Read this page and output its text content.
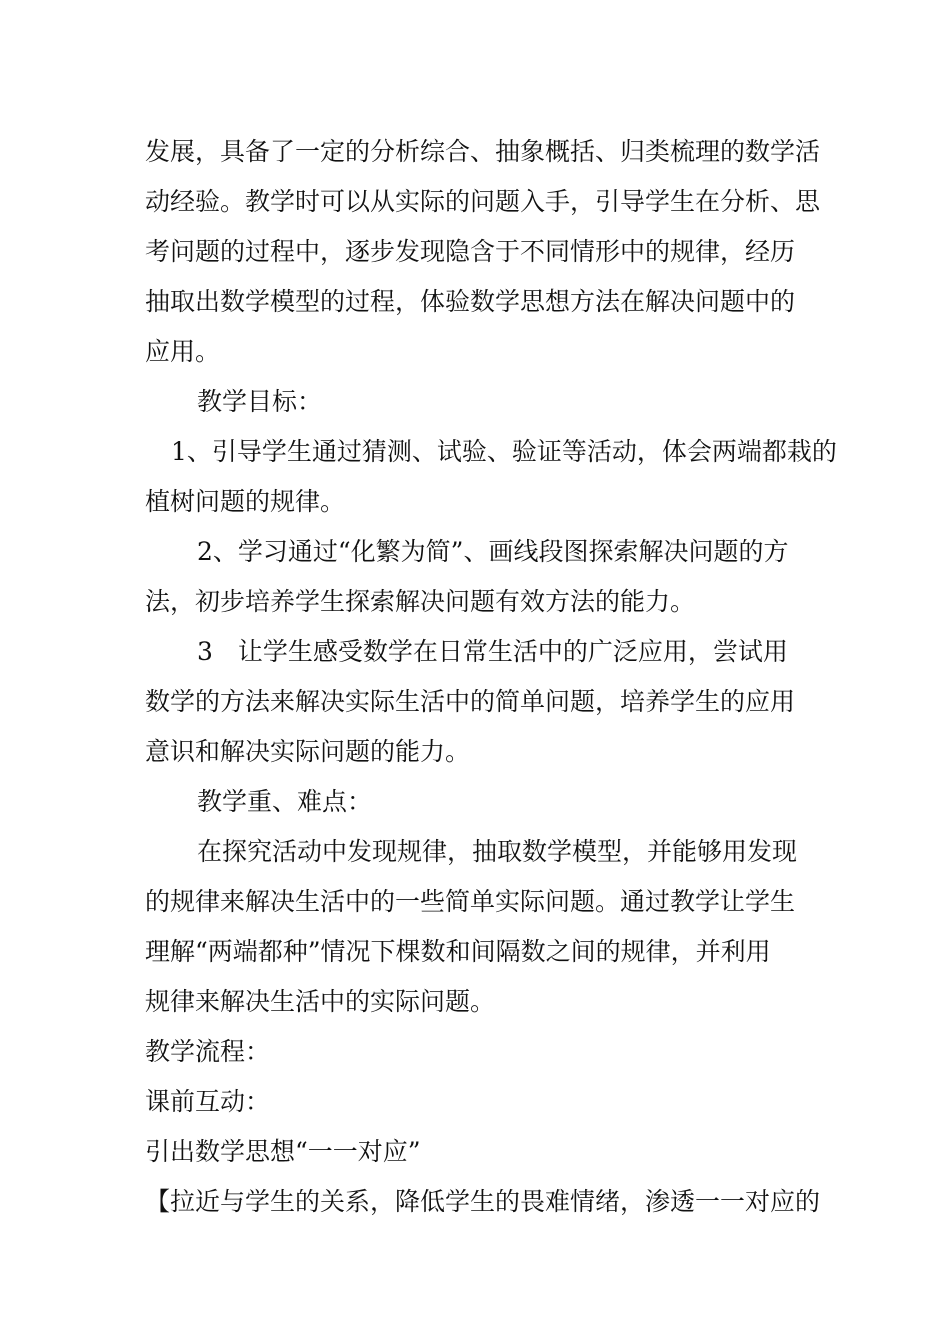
发展，具备了一定的分析综合、抽象概括、归类梳理的数学活
动经验。教学时可以从实际的问题入手，引导学生在分析、思
考问题的过程中，逐步发现隐含于不同情形中的规律，经历
抽取出数学模型的过程，体验数学思想方法在解决问题中的
应用。
教学目标：
1、引导学生通过猜测、试验、验证等活动，体会两端都栽的
植树问题的规律。
2、学习通过“化繁为简”、画线段图探索解决问题的方
法，初步培养学生探索解决问题有效方法的能力。
3　让学生感受数学在日常生活中的广泛应用，尝试用
数学的方法来解决实际生活中的简单问题，培养学生的应用
意识和解决实际问题的能力。
教学重、难点：
在探究活动中发现规律，抽取数学模型，并能够用发现
的规律来解决生活中的一些简单实际问题。通过教学让学生
理解“两端都种”情况下棵数和间隔数之间的规律，并利用
规律来解决生活中的实际问题。
教学流程：
课前互动：
引出数学思想“一一对应”
【拉近与学生的关系，降低学生的畏难情绪，渗透一一对应的
